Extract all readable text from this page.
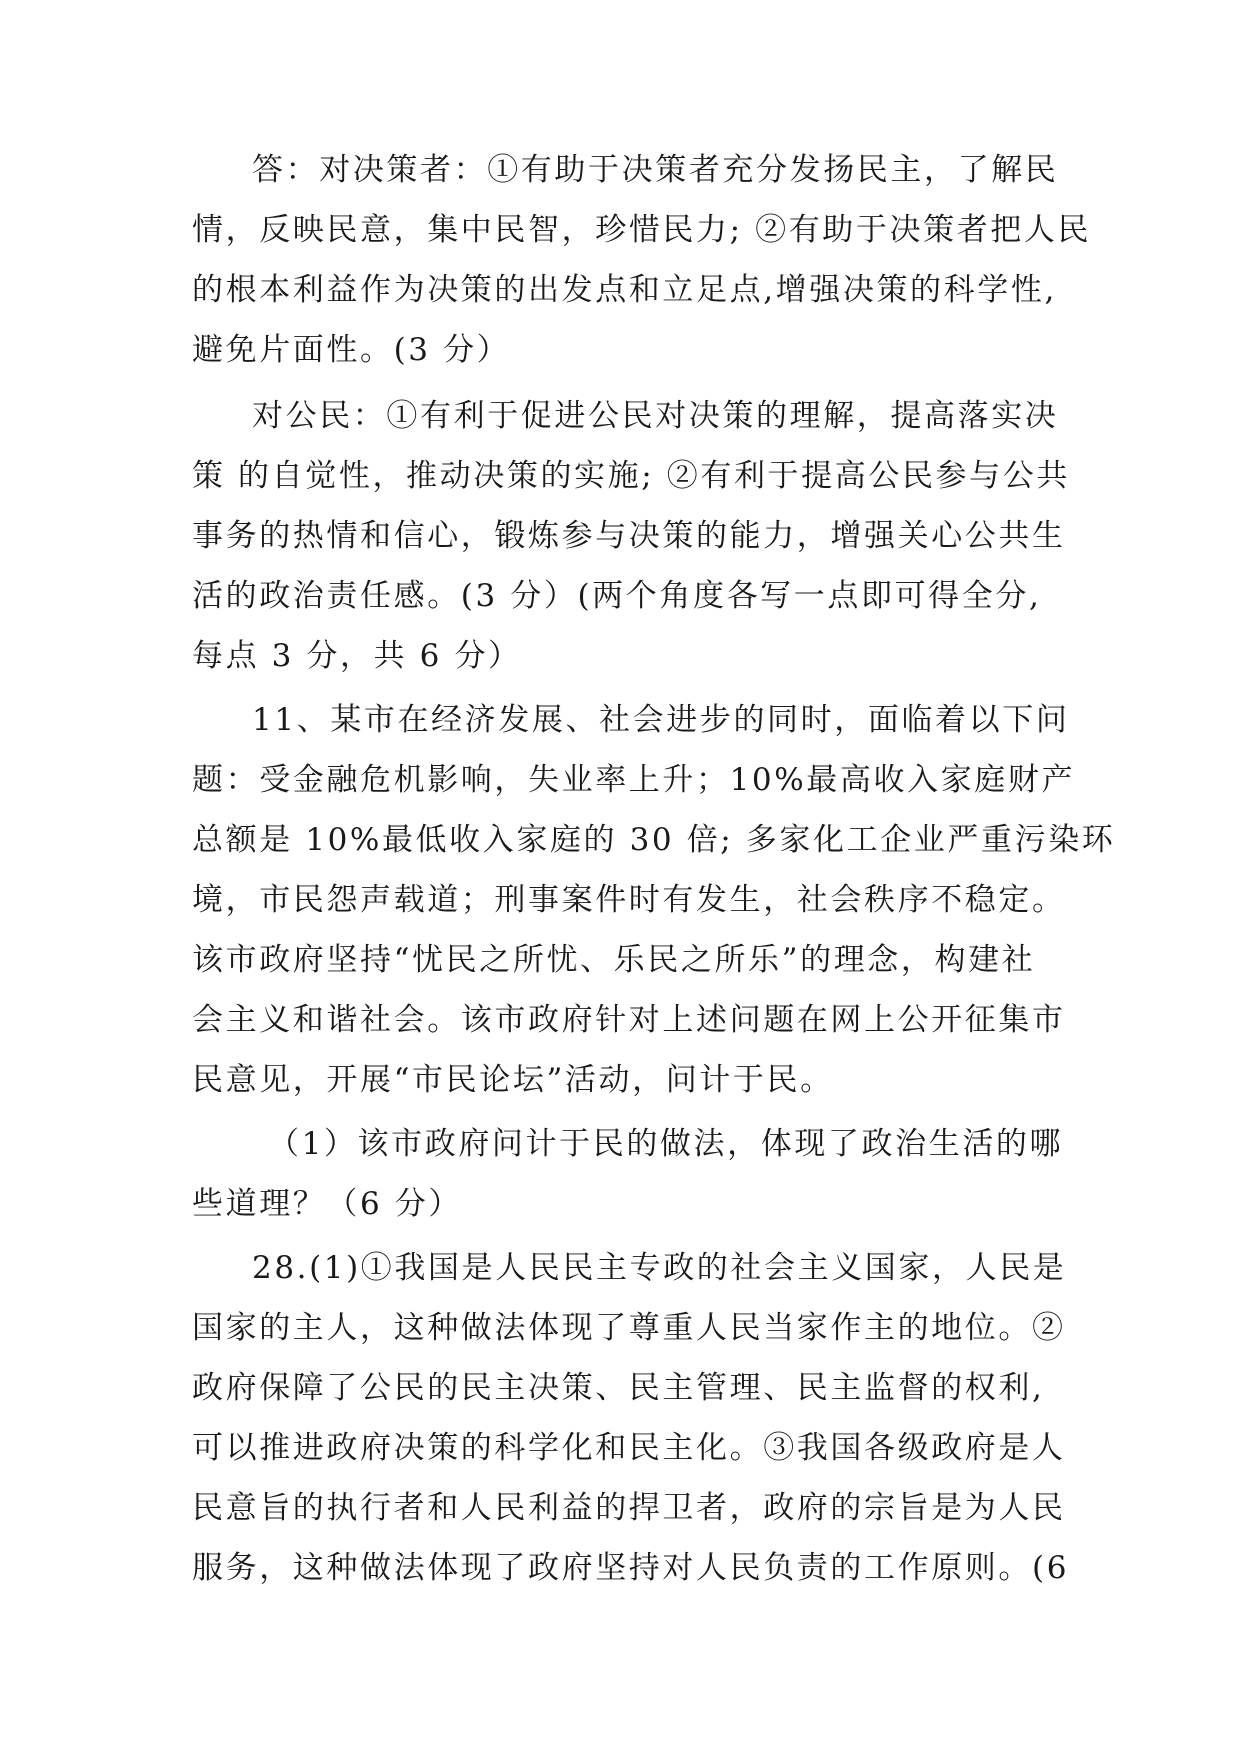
答：对决策者：①有助于决策者充分发扬民主，了解民
情，反映民意，集中民智，珍惜民力; ②有助于决策者把人民
的根本利益作为决策的出发点和立足点,增强决策的科学性,
避免片面性。(3 分）
对公民：①有利于促进公民对决策的理解，提高落实决
策 的自觉性，推动决策的实施; ②有利于提高公民参与公共
事务的热情和信心，锻炼参与决策的能力，增强关心公共生
活的政治责任感。(3 分）(两个角度各写一点即可得全分,
每点 3 分，共 6 分）
11、某市在经济发展、社会进步的同时，面临着以下问
题：受金融危机影响，失业率上升；10%最高收入家庭财产
总额是 10%最低收入家庭的 30 倍; 多家化工企业严重污染环
境，市民怨声载道；刑事案件时有发生，社会秩序不稳定。
该市政府坚持“忧民之所忧、乐民之所乐”的理念，构建社
会主义和谐社会。该市政府针对上述问题在网上公开征集市
民意见，开展“市民论坛”活动，问计于民。
（1）该市政府问计于民的做法，体现了政治生活的哪
些道理？（6 分）
28.(1)①我国是人民民主专政的社会主义国家，人民是
国家的主人，这种做法体现了尊重人民当家作主的地位。②
政府保障了公民的民主决策、民主管理、民主监督的权利,
可以推进政府决策的科学化和民主化。③我国各级政府是人
民意旨的执行者和人民利益的捍卫者，政府的宗旨是为人民
服务，这种做法体现了政府坚持对人民负责的工作原则。(6
